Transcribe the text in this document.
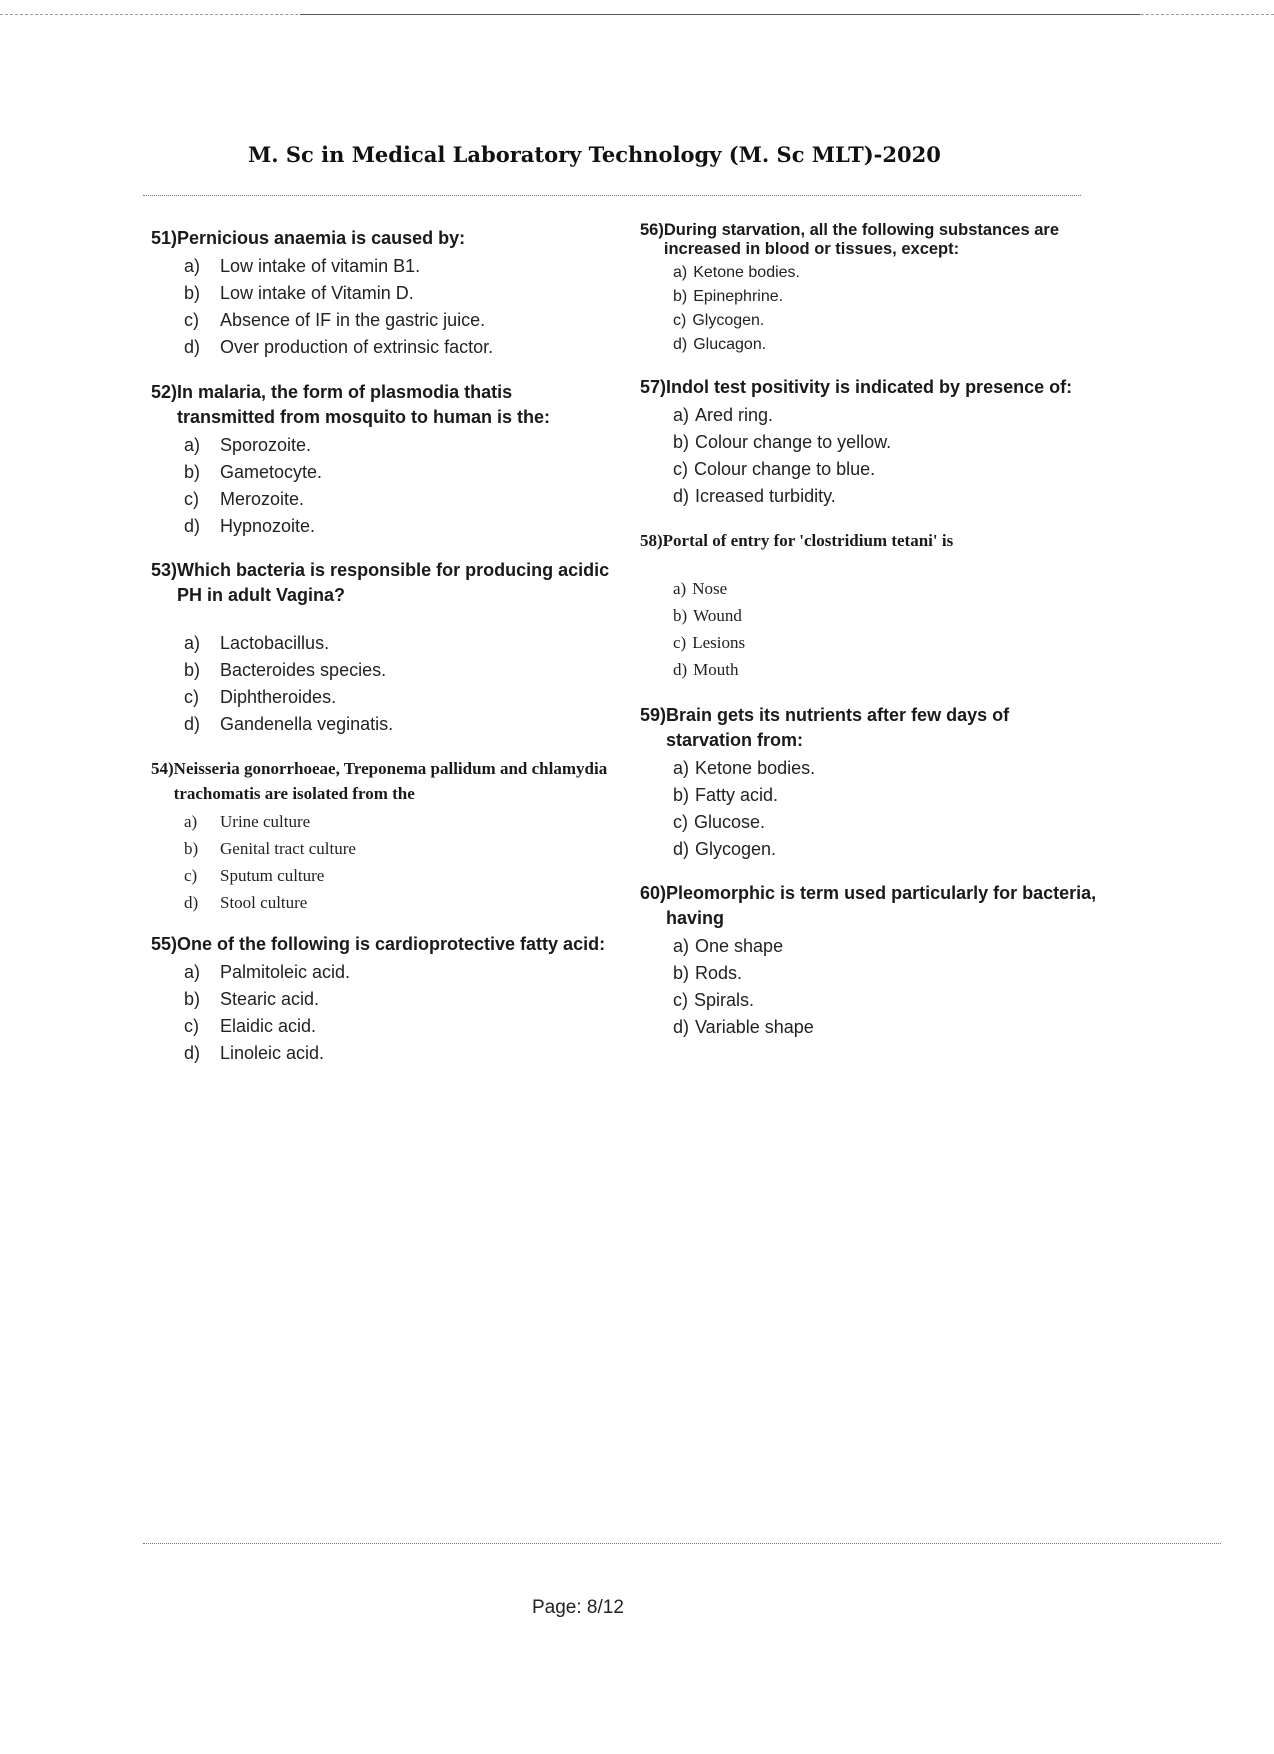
M. Sc in Medical Laboratory Technology (M. Sc MLT)-2020
51) Pernicious anaemia is caused by:
a)	Low intake of vitamin B1.
b)	Low intake of Vitamin D.
c)	Absence of IF in the gastric juice.
d)	Over production of extrinsic factor.
52) In malaria, the form of plasmodia thatis transmitted from mosquito to human is the:
a)	Sporozoite.
b)	Gametocyte.
c)	Merozoite.
d)	Hypnozoite.
53) Which bacteria is responsible for producing acidic PH in adult Vagina?
a)	Lactobacillus.
b)	Bacteroides species.
c)	Diphtheroides.
d)	Gandenella veginatis.
54) Neisseria gonorrhoeae, Treponema pallidum and chlamydia trachomatis are isolated from the
a)	Urine culture
b)	Genital tract culture
c)	Sputum culture
d)	Stool culture
55) One of the following is cardioprotective fatty acid:
a)	Palmitoleic acid.
b)	Stearic acid.
c)	Elaidic acid.
d)	Linoleic acid.
56) During starvation, all the following substances are increased in blood or tissues, except:
a) Ketone bodies.
b) Epinephrine.
c) Glycogen.
d) Glucagon.
57) Indol test positivity is indicated by presence of:
a) Ared ring.
b) Colour change to yellow.
c) Colour change to blue.
d) Icreased turbidity.
58) Portal of entry for 'clostridium tetani' is
a) Nose
b) Wound
c) Lesions
d) Mouth
59) Brain gets its nutrients after few days of starvation from:
a) Ketone bodies.
b) Fatty acid.
c) Glucose.
d) Glycogen.
60) Pleomorphic is term used particularly for bacteria, having
a) One shape
b) Rods.
c) Spirals.
d) Variable shape
Page: 8/12
